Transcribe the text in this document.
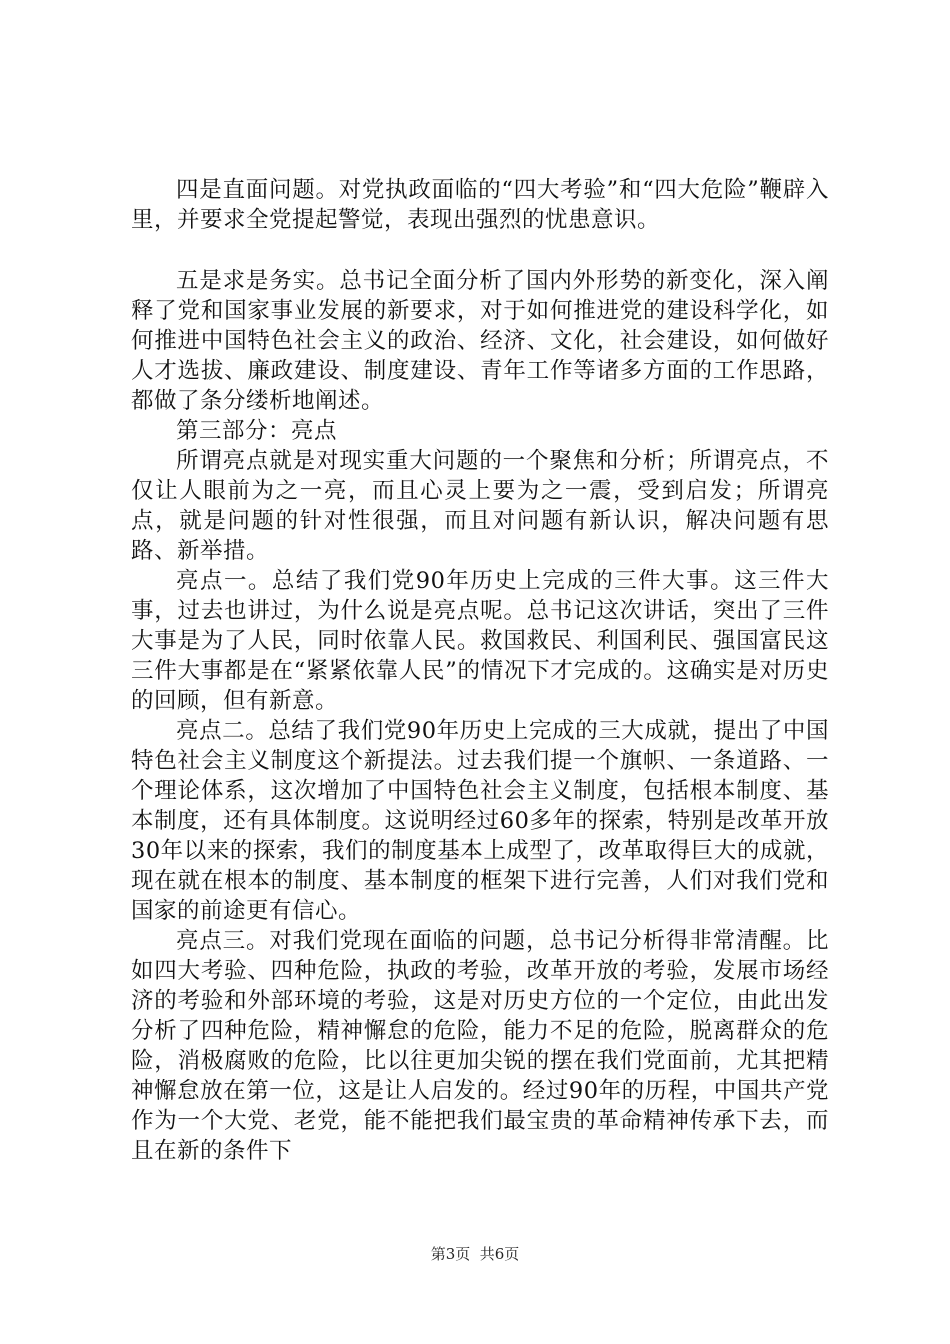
四是直面问题。对党执政面临的“四大考验”和“四大危险”鞭辟入里，并要求全党提起警觉，表现出强烈的忧患意识。

五是求是务实。总书记全面分析了国内外形势的新变化，深入阐释了党和国家事业发展的新要求，对于如何推进党的建设科学化，如何推进中国特色社会主义的政治、经济、文化，社会建设，如何做好人才选拔、廉政建设、制度建设、青年工作等诸多方面的工作思路，都做了条分缕析地阐述。

第三部分：亮点

所谓亮点就是对现实重大问题的一个聚焦和分析；所谓亮点，不仅让人眼前为之一亮，而且心灵上要为之一震，受到启发；所谓亮点，就是问题的针对性很强，而且对问题有新认识，解决问题有思路、新举措。

亮点一。总结了我们党90年历史上完成的三件大事。这三件大事，过去也讲过，为什么说是亮点呢。总书记这次讲话，突出了三件大事是为了人民，同时依靠人民。救国救民、利国利民、强国富民这三件大事都是在“紧紧依靠人民”的情况下才完成的。这确实是对历史的回顾，但有新意。

亮点二。总结了我们党90年历史上完成的三大成就，提出了中国特色社会主义制度这个新提法。过去我们提一个旗帜、一条道路、一个理论体系，这次增加了中国特色社会主义制度，包括根本制度、基本制度，还有具体制度。这说明经过60多年的探索，特别是改革开放30年以来的探索，我们的制度基本上成型了，改革取得巨大的成就，现在就在根本的制度、基本制度的框架下进行完善，人们对我们党和国家的前途更有信心。

亮点三。对我们党现在面临的问题，总书记分析得非常清醒。比如四大考验、四种危险，执政的考验，改革开放的考验，发展市场经济的考验和外部环境的考验，这是对历史方位的一个定位，由此出发分析了四种危险，精神懈怠的危险，能力不足的危险，脱离群众的危险，消极腐败的危险，比以往更加尖锐的摆在我们党面前，尤其把精神懈怠放在第一位，这是让人启发的。经过90年的历程，中国共产党作为一个大党、老党，能不能把我们最宝贵的革命精神传承下去，而且在新的条件下

第3页  共6页
